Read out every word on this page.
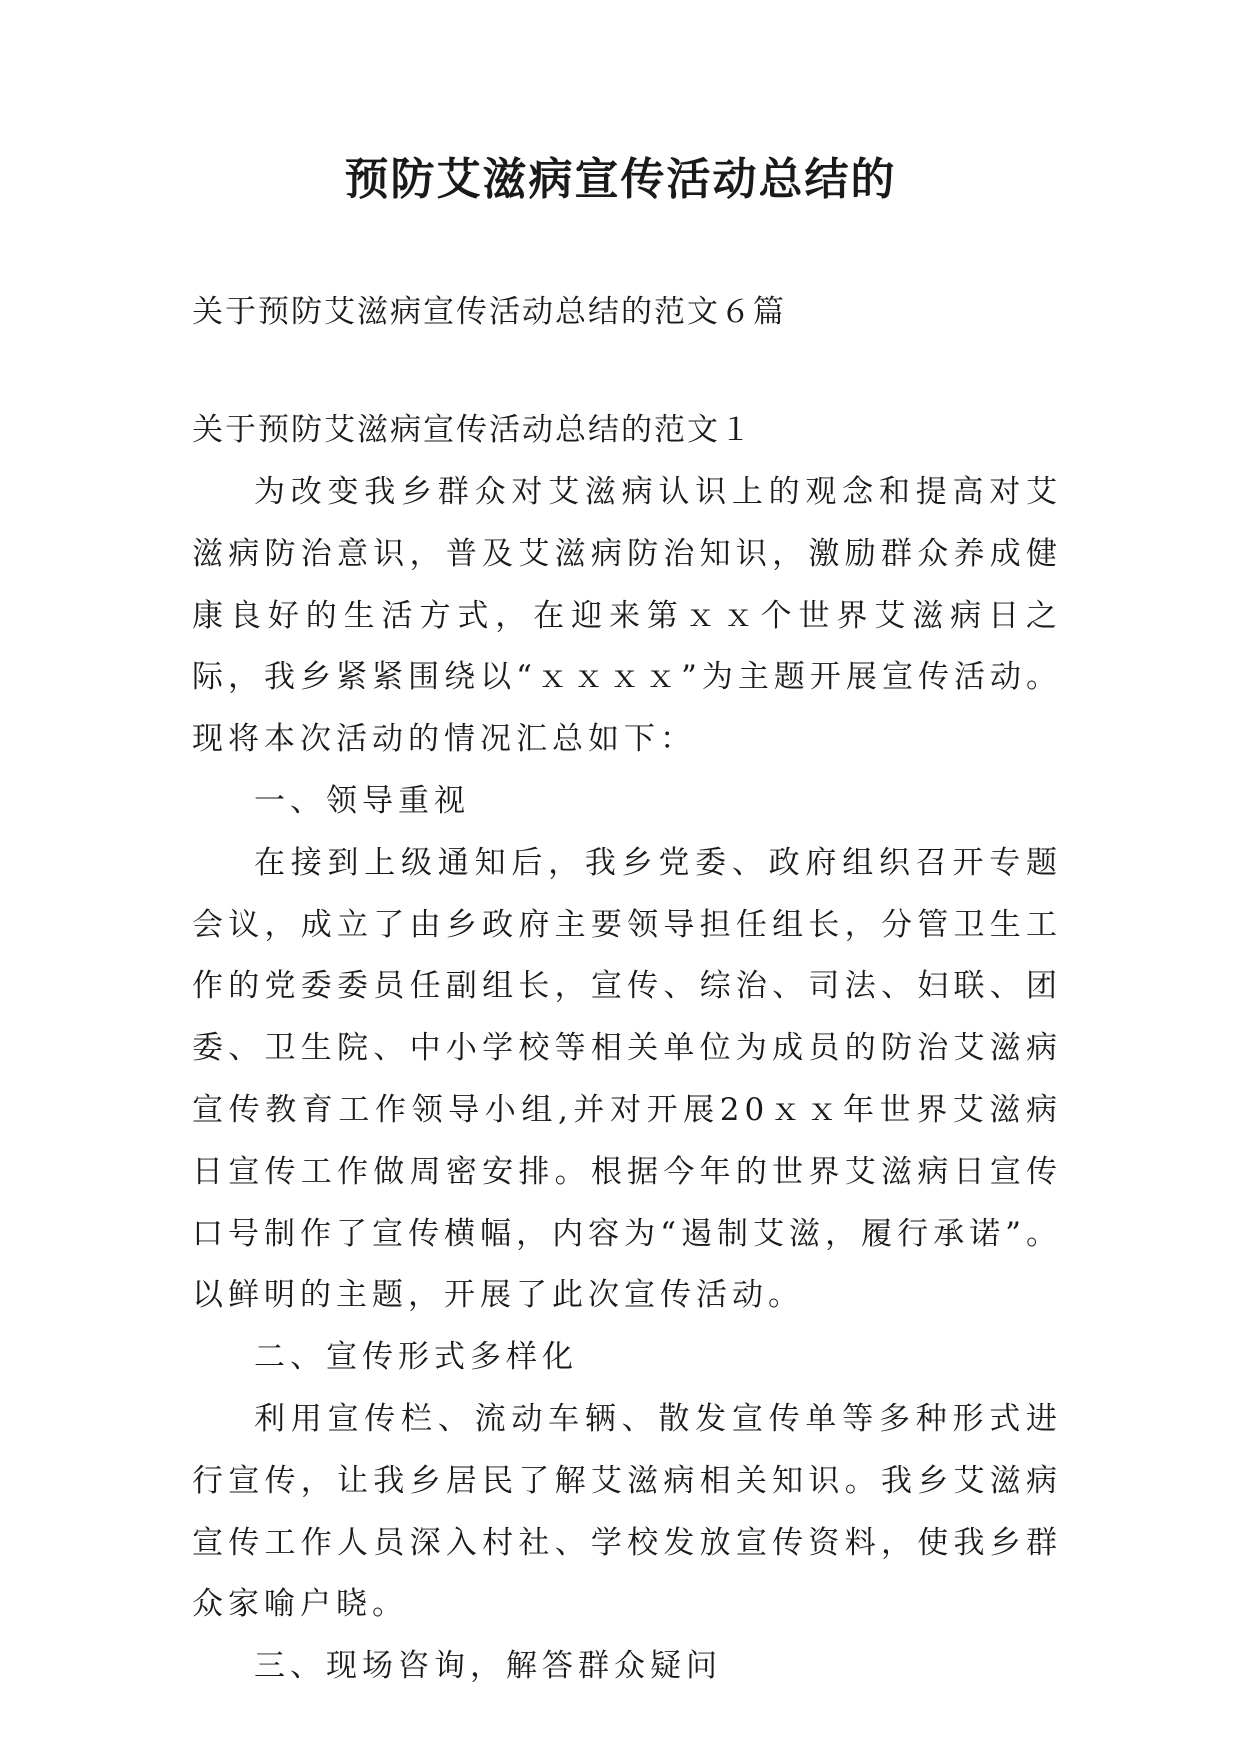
预防艾滋病宣传活动总结的
关于预防艾滋病宣传活动总结的范文６篇
关于预防艾滋病宣传活动总结的范文１

为改变我乡群众对艾滋病认识上的观念和提高对艾滋病防治意识，普及艾滋病防治知识，激励群众养成健康良好的生活方式，在迎来第ｘｘ个世界艾滋病日之际，我乡紧紧围绕以“ｘｘｘｘ”为主题开展宣传活动。现将本次活动的情况汇总如下：

一、领导重视

在接到上级通知后，我乡党委、政府组织召开专题会议，成立了由乡政府主要领导担任组长，分管卫生工作的党委委员任副组长，宣传、综治、司法、妇联、团委、卫生院、中小学校等相关单位为成员的防治艾滋病宣传教育工作领导小组,并对开展20ｘｘ年世界艾滋病日宣传工作做周密安排。根据今年的世界艾滋病日宣传口号制作了宣传横幅，内容为“遏制艾滋，履行承诺”。以鲜明的主题，开展了此次宣传活动。

二、宣传形式多样化

利用宣传栏、流动车辆、散发宣传单等多种形式进行宣传，让我乡居民了解艾滋病相关知识。我乡艾滋病宣传工作人员深入村社、学校发放宣传资料，使我乡群众家喻户晓。

三、现场咨询，解答群众疑问
